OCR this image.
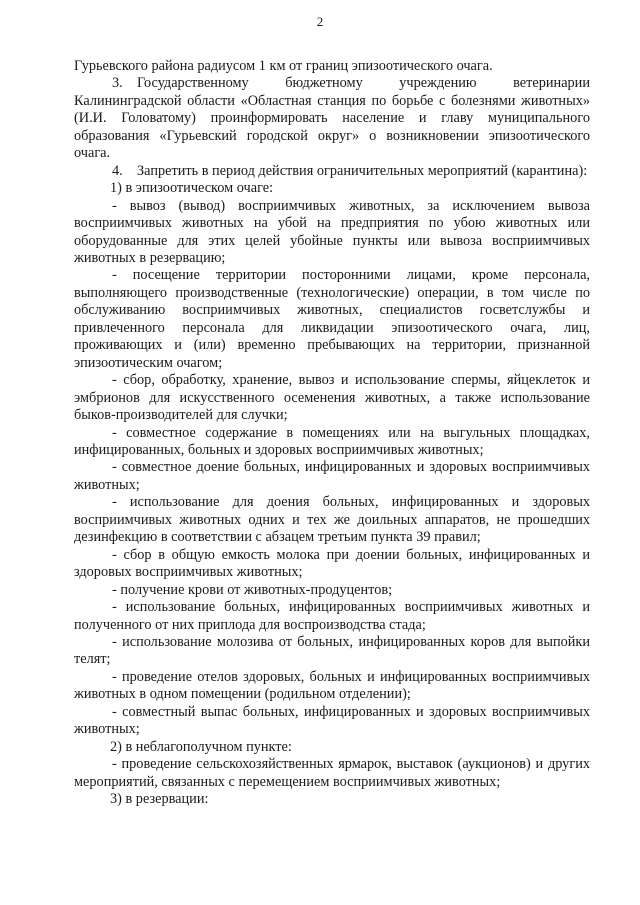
2

Гурьевского района радиусом 1 км от границ эпизоотического очага.

3. Государственному бюджетному учреждению ветеринарии Калининградской области «Областная станция по борьбе с болезнями животных» (И.И. Головатому) проинформировать население и главу муниципального образования «Гурьевский городской округ» о возникновении эпизоотического очага.

4. Запретить в период действия ограничительных мероприятий (карантина):

1) в эпизоотическом очаге:

- вывоз (вывод) восприимчивых животных, за исключением вывоза восприимчивых животных на убой на предприятия по убою животных или оборудованные для этих целей убойные пункты или вывоза восприимчивых животных в резервацию;

- посещение территории посторонними лицами, кроме персонала, выполняющего производственные (технологические) операции, в том числе по обслуживанию восприимчивых животных, специалистов госветслужбы и привлеченного персонала для ликвидации эпизоотического очага, лиц, проживающих и (или) временно пребывающих на территории, признанной эпизоотическим очагом;

- сбор, обработку, хранение, вывоз и использование спермы, яйцеклеток и эмбрионов для искусственного осеменения животных, а также использование быков-производителей для случки;

- совместное содержание в помещениях или на выгульных площадках, инфицированных, больных и здоровых восприимчивых животных;

- совместное доение больных, инфицированных и здоровых восприимчивых животных;

- использование для доения больных, инфицированных и здоровых восприимчивых животных одних и тех же доильных аппаратов, не прошедших дезинфекцию в соответствии с абзацем третьим пункта 39 правил;

- сбор в общую емкость молока при доении больных, инфицированных и здоровых восприимчивых животных;

- получение крови от животных-продуцентов;

- использование больных, инфицированных восприимчивых животных и полученного от них приплода для воспроизводства стада;

- использование молозива от больных, инфицированных коров для выпойки телят;

- проведение отелов здоровых, больных и инфицированных восприимчивых животных в одном помещении (родильном отделении);

- совместный выпас больных, инфицированных и здоровых восприимчивых животных;

2) в неблагополучном пункте:

- проведение сельскохозяйственных ярмарок, выставок (аукционов) и других мероприятий, связанных с перемещением восприимчивых животных;

3) в резервации:
